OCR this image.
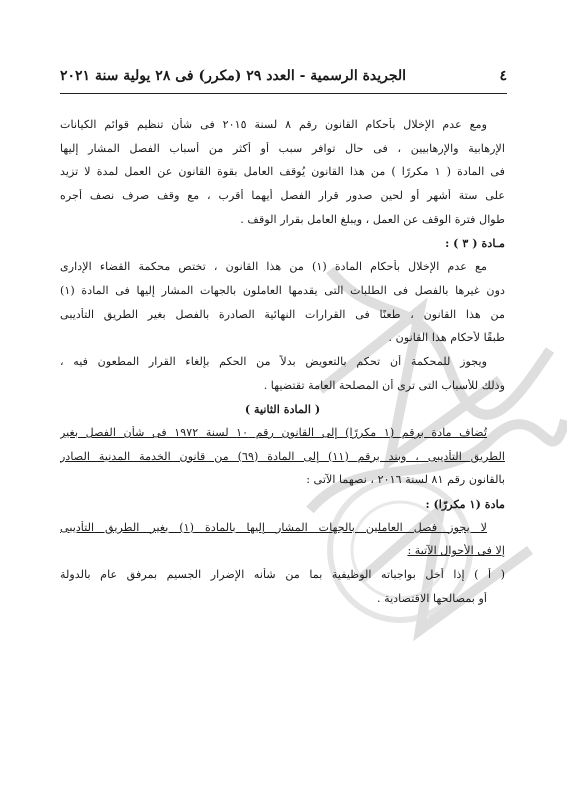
٤
الجريدة الرسمية - العدد ٢٩ (مكرر) فى ٢٨ يولية سنة ٢٠٢١
ومع عدم الإخلال بأحكام القانون رقم ٨ لسنة ٢٠١٥ فى شأن تنظيم قوائم الكيانات
الإرهابية والإرهابيين ، فى حال توافر سبب أو أكثر من أسباب الفصل المشار إليها
فى المادة ( ١ مكررًا ) من هذا القانون يُوقف العامل بقوة القانون عن العمل لمدة لا تزيد
على ستة أشهر أو لحين صدور قرار الفصل أيهما أقرب ، مع وقف صرف نصف أجره
طوال فترة الوقف عن العمل ، ويبلغ العامل بقرار الوقف .
مـادة ( ٣ ) :
مع عدم الإخلال بأحكام المادة (١) من هذا القانون ، تختص محكمة القضاء الإدارى
دون غيرها بالفصل فى الطلبات التى يقدمها العاملون بالجهات المشار إليها فى المادة (١)
من هذا القانون ، طعنًا فى القرارات النهائية الصادرة بالفصل بغير الطريق التأديبى
طبقًا لأحكام هذا القانون .
ويجوز للمحكمة أن تحكم بالتعويض بدلاً من الحكم بإلغاء القرار المطعون فيه ،
وذلك للأسباب التى ترى أن المصلحة العامة تقتضيها .
( المادة الثانية )
تُضاف مادة برقم (١ مكررًا) إلى القانون رقم ١٠ لسنة ١٩٧٢ فى شأن الفصل بغير
الطريق التأديبى ، وبند برقم (١١) إلى المادة (٦٩) من قانون الخدمة المدنية الصادر
بالقانون رقم ٨١ لسنة ٢٠١٦ ، نصهما الآتى :
مادة (١ مكررًا) :
لا يجوز فصل العاملين بالجهات المشار إليها بالمادة (١) بغير الطريق التأديبى
إلا فى الأحوال الآتية :
( أ ) إذا أخل بواجباته الوظيفية بما من شأنه الإضرار الجسيم بمرفق عام بالدولة
أو بمصالحها الاقتصادية .
